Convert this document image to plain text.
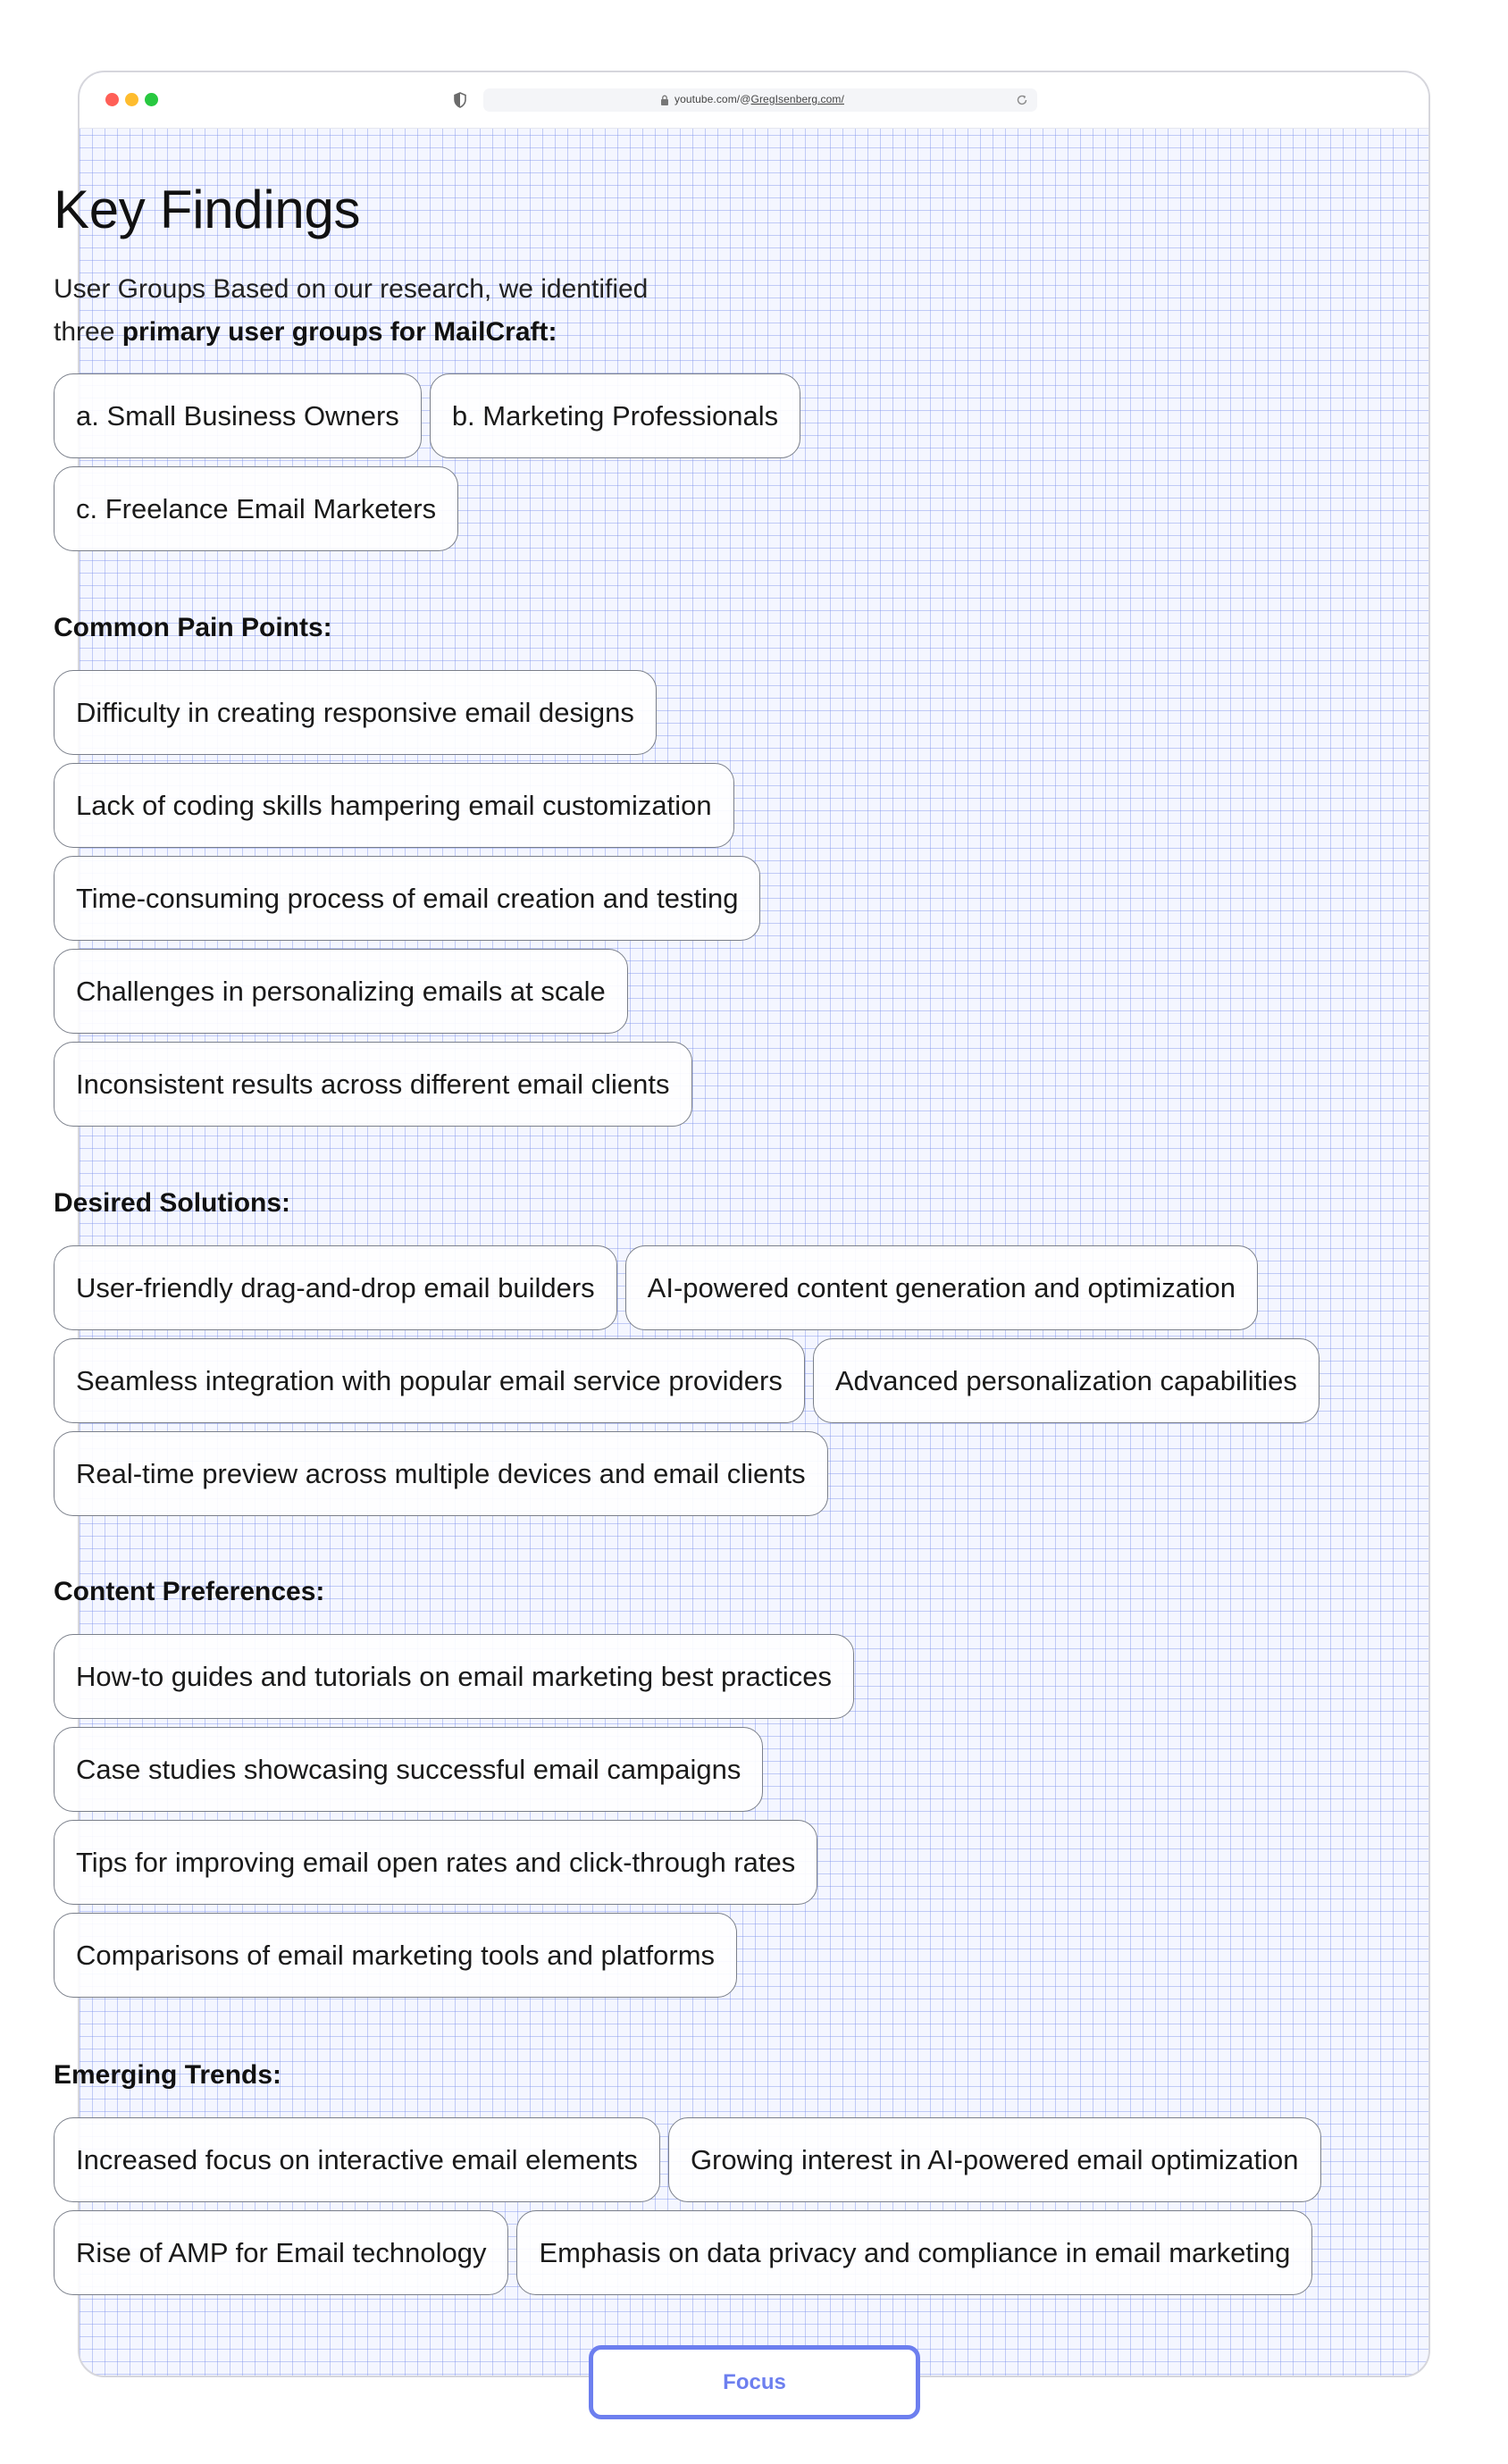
youtube.com/@GregIsenberg.com/
Key Findings
User Groups Based on our research, we identified
three primary user groups for MailCraft:
a. Small Business Owners	b. Marketing Professionals
c. Freelance Email Marketers
Common Pain Points:
Difficulty in creating responsive email designs
Lack of coding skills hampering email customization
Time-consuming process of email creation and testing
Challenges in personalizing emails at scale
Inconsistent results across different email clients
Desired Solutions:
User-friendly drag-and-drop email builders	AI-powered content generation and optimization
Seamless integration with popular email service providers	Advanced personalization capabilities
Real-time preview across multiple devices and email clients
Content Preferences:
How-to guides and tutorials on email marketing best practices
Case studies showcasing successful email campaigns
Tips for improving email open rates and click-through rates
Comparisons of email marketing tools and platforms
Emerging Trends:
Increased focus on interactive email elements	Growing interest in AI-powered email optimization
Rise of AMP for Email technology	Emphasis on data privacy and compliance in email marketing
Focus
